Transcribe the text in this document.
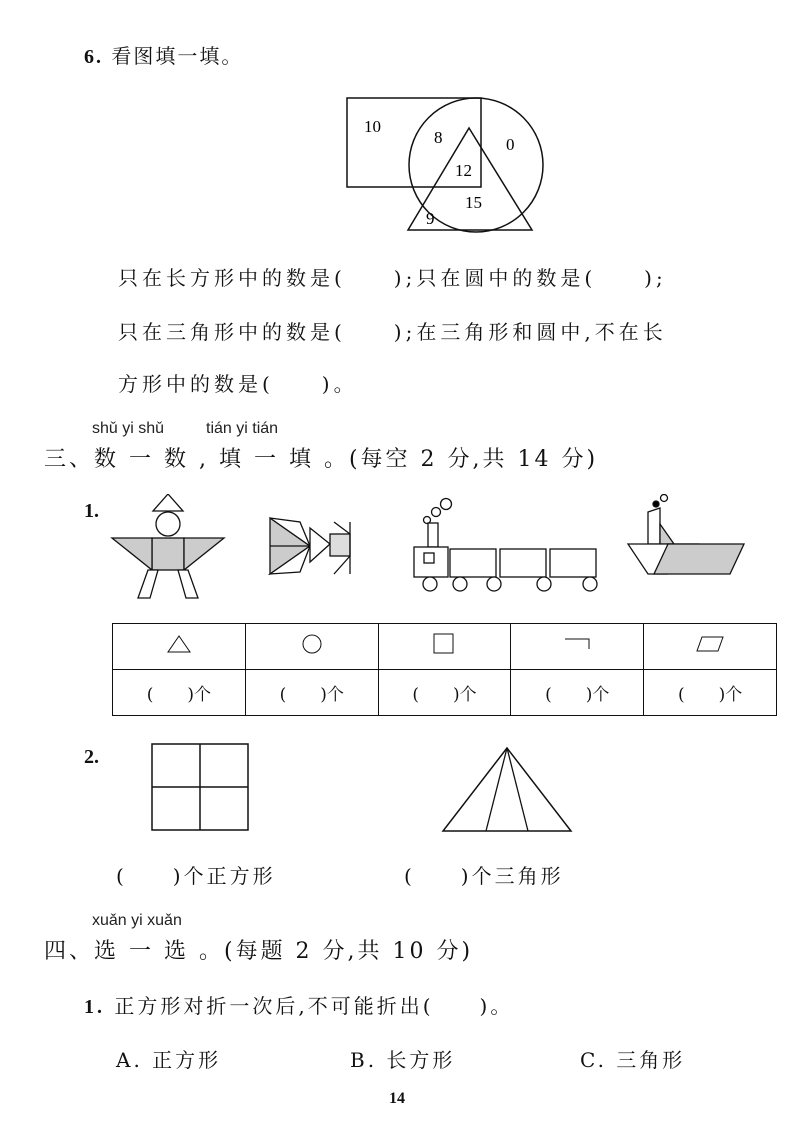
6. 看图填一填。
10
8	0
12
15
9
只在长方形中的数是(　　);只在圆中的数是(　　);
只在三角形中的数是(　　);在三角形和圆中,不在长
方形中的数是(　　)。
shǔ yi shǔ	tián yi tián
三、数 一 数 , 填 一 填 。(每空 2 分,共 14 分)
1.

(　　)个	(　　)个	(　　)个	(　　)个	(　　)个
2.
(　　)个正方形	(　　)个三角形
xuǎn yi xuǎn
四、选 一 选 。(每题 2 分,共 10 分)
1. 正方形对折一次后,不可能折出(　　)。
A. 正方形	B. 长方形	C. 三角形
14
